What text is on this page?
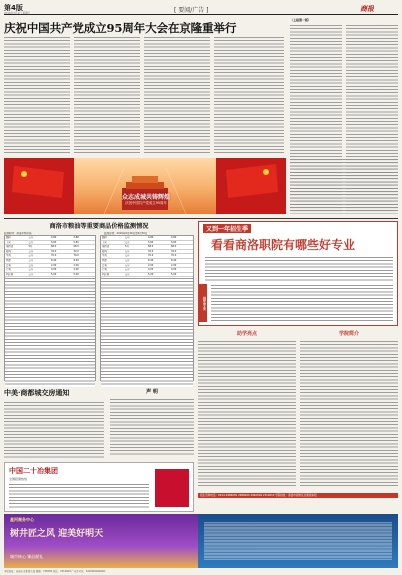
第4版
2016年7月1日 星期五	[ 要闻/广告 ]	商报
庆祝中国共产党成立95周年大会在京隆重举行
（上接第一版）
众志成城共铸辉煌
庆祝中国共产党成立95周年
商洛市粮油等重要商品价格监测情况
监测时间：商洛市物价局	监测日期：2016年6月26日至6月30日
面粉	公斤	4.80	4.80
大米	公斤	5.60	5.60
菜籽油	5升	68.0	68.0
猪肉	公斤	32.0	32.0
牛肉	公斤	70.0	70.0
鸡蛋	公斤	8.40	8.40
白菜	公斤	2.00	2.00
芹菜	公斤	4.00	4.00
西红柿	公斤	5.00	5.00
面粉	公斤	4.80	4.80
大米	公斤	5.60	5.60
菜籽油	5升	68.0	68.0
猪肉	公斤	32.0	32.0
牛肉	公斤	70.0	70.0
鸡蛋	公斤	8.40	8.40
白菜	公斤	2.00	2.00
芹菜	公斤	4.00	4.00
西红柿	公斤	5.00	5.00
又到一年招生季
看看商洛职院有哪些好专业
招生专业
中美·商都城交房通知	声 明
中国二十冶集团
全国招商热线
树井匠之风 迎美好明天
星河商务中心
城市核心 臻品献礼
助学亮点	学院简介
招生咨询电话：0914-2986081 2986060 2962009 2312613 学院地址：商洛市商州区北新街东段
本报地址：商洛市北新街东段 邮编：726000 电话：2312609 广告许可证：6125004000001
